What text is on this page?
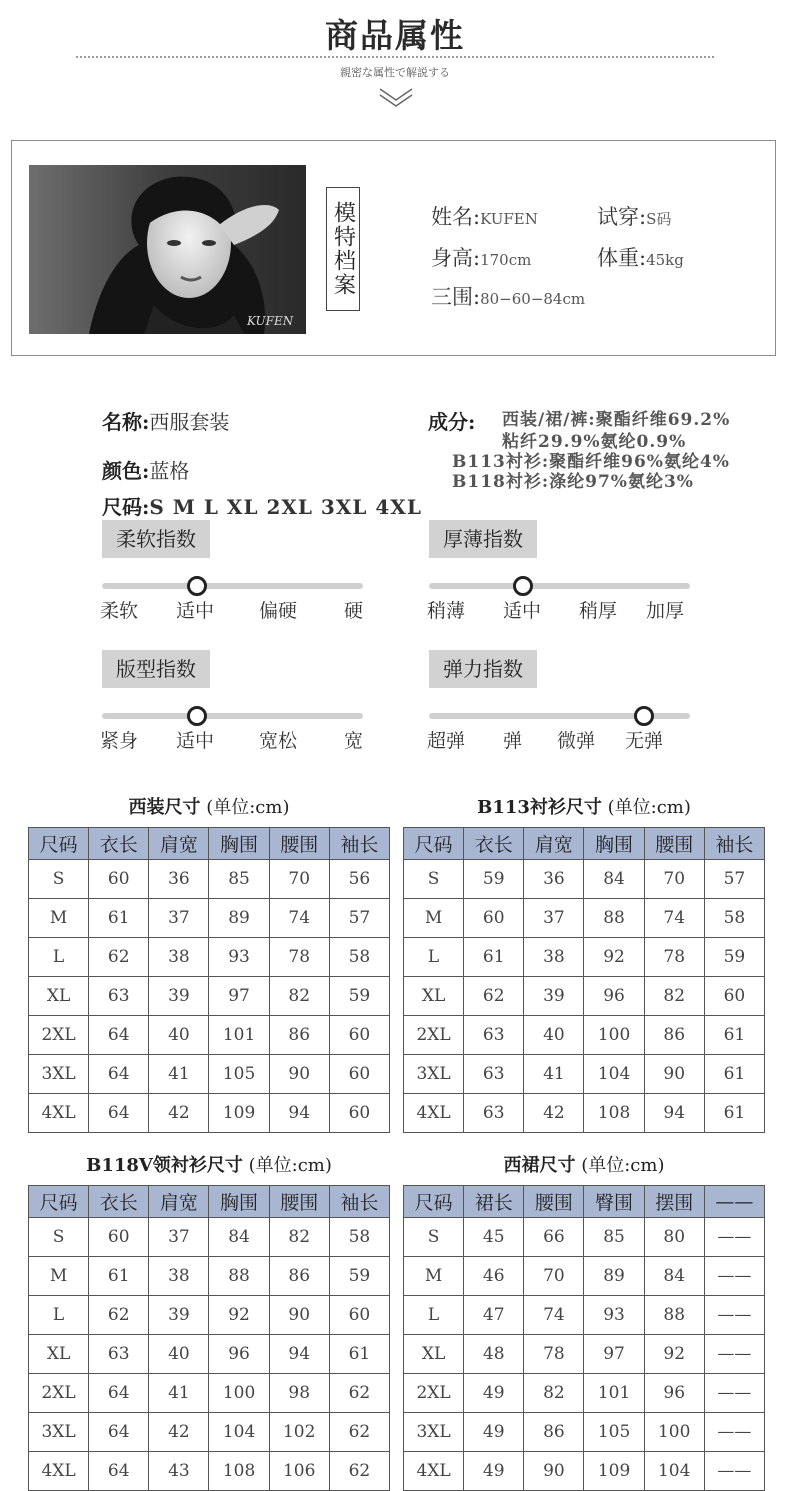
商品属性
親密な属性で解説する
KUFEN
模特档案	姓名:KUFEN	试穿:S码
身高:170cm	体重:45kg
三围:80−60−84cm
名称:西服套装
颜色:蓝格
尺码:S M L XL 2XL 3XL 4XL
成分: 西装/裙/裤:聚酯纤维69.2%
粘纤29.9%氨纶0.9%
B113衬衫:聚酯纤维96%氨纶4%
B118衬衫:涤纶97%氨纶3%
柔软指数
柔软 适中 偏硬 硬
厚薄指数
稍薄 适中 稍厚 加厚
版型指数
紧身 适中 宽松 宽
弹力指数
超弹 弹 微弹 无弹
西装尺寸 (单位:cm)
尺码	衣长	肩宽	胸围	腰围	袖长
S	60	36	85	70	56
M	61	37	89	74	57
L	62	38	93	78	58
XL	63	39	97	82	59
2XL	64	40	101	86	60
3XL	64	41	105	90	60
4XL	64	42	109	94	60
B113衬衫尺寸 (单位:cm)
尺码	衣长	肩宽	胸围	腰围	袖长
S	59	36	84	70	57
M	60	37	88	74	58
L	61	38	92	78	59
XL	62	39	96	82	60
2XL	63	40	100	86	61
3XL	63	41	104	90	61
4XL	63	42	108	94	61
B118V领衬衫尺寸 (单位:cm)
尺码	衣长	肩宽	胸围	腰围	袖长
S	60	37	84	82	58
M	61	38	88	86	59
L	62	39	92	90	60
XL	63	40	96	94	61
2XL	64	41	100	98	62
3XL	64	42	104	102	62
4XL	64	43	108	106	62
西裙尺寸 (单位:cm)
尺码	裙长	腰围	臀围	摆围	——
S	45	66	85	80	——
M	46	70	89	84	——
L	47	74	93	88	——
XL	48	78	97	92	——
2XL	49	82	101	96	——
3XL	49	86	105	100	——
4XL	49	90	109	104	——
